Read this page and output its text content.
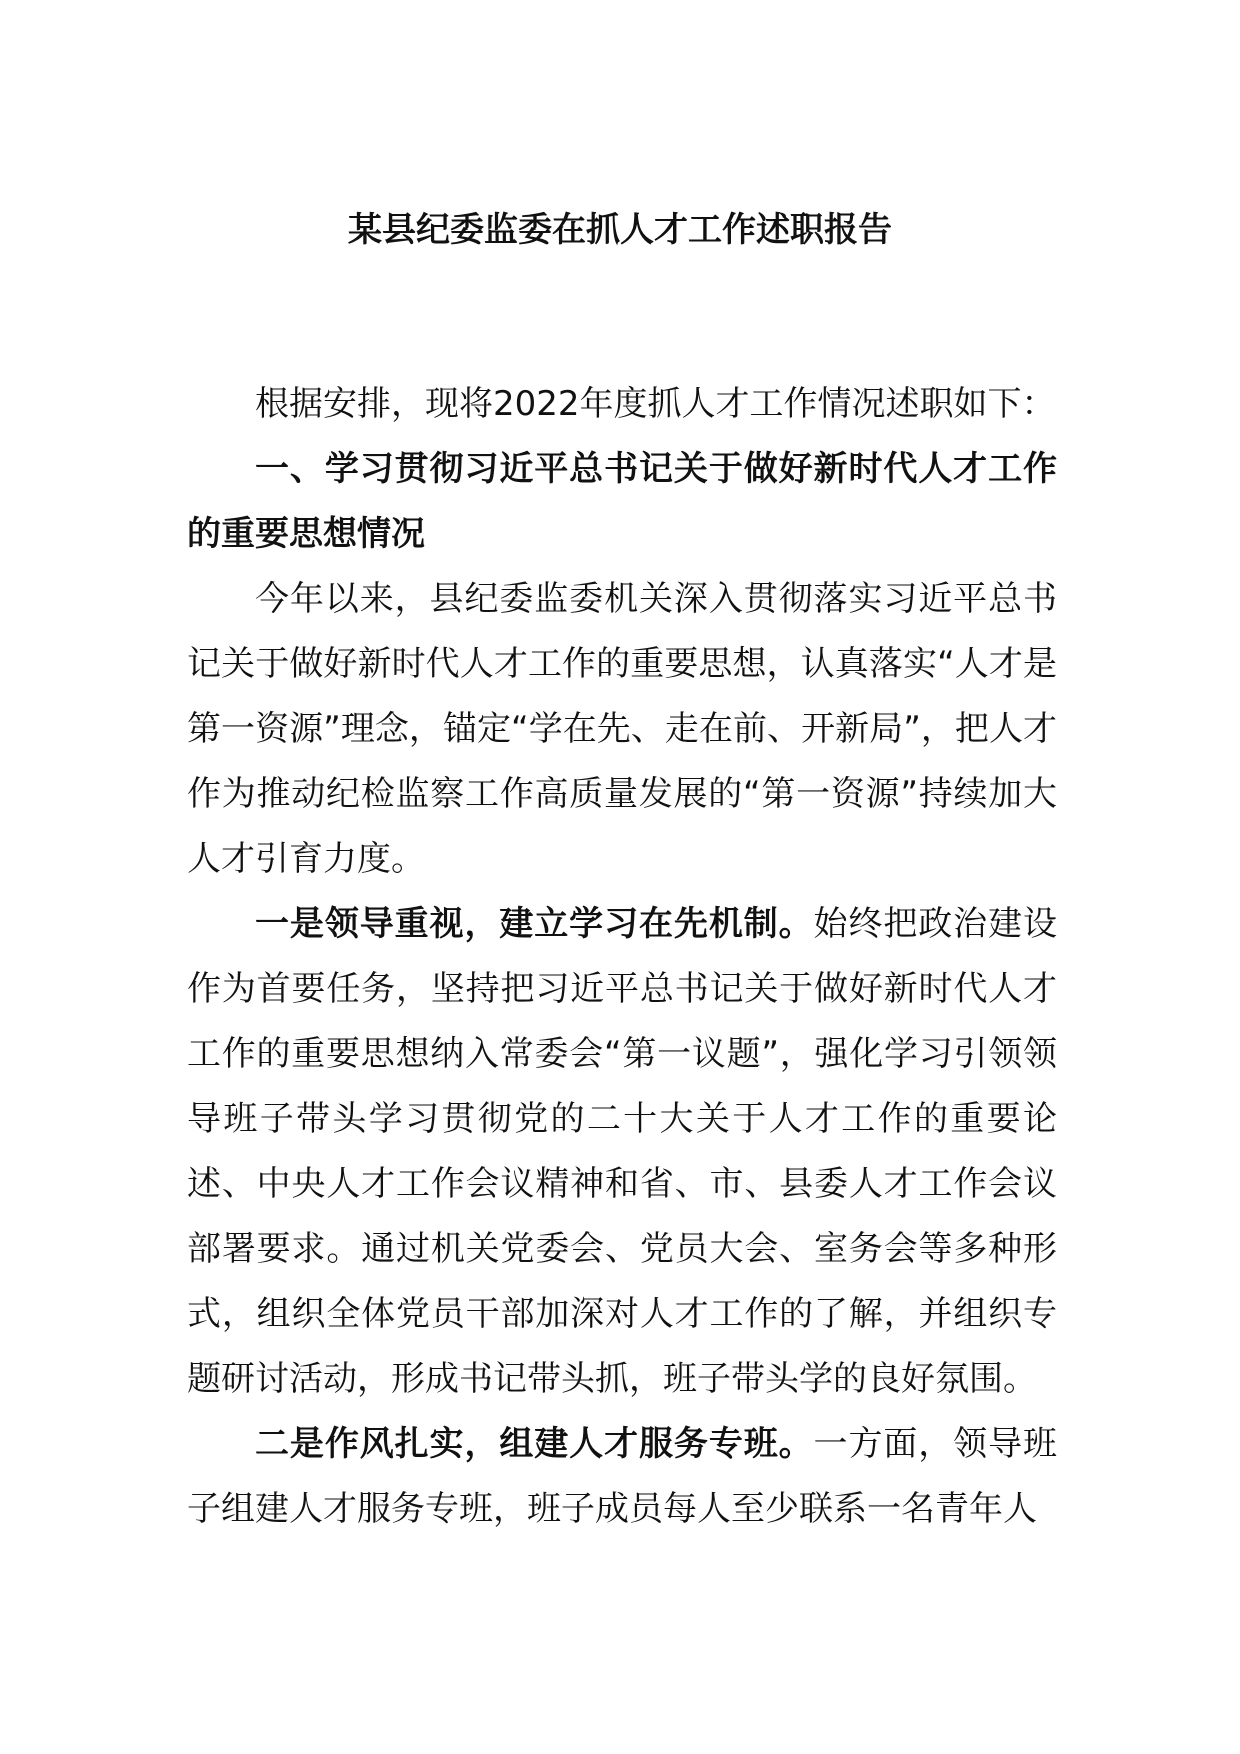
某县纪委监委在抓人才工作述职报告

根据安排，现将2022年度抓人才工作情况述职如下：

一、学习贯彻习近平总书记关于做好新时代人才工作的重要思想情况

今年以来，县纪委监委机关深入贯彻落实习近平总书记关于做好新时代人才工作的重要思想，认真落实“人才是第一资源”理念，锚定“学在先、走在前、开新局”，把人才作为推动纪检监察工作高质量发展的“第一资源”持续加大人才引育力度。

一是领导重视，建立学习在先机制。始终把政治建设作为首要任务，坚持把习近平总书记关于做好新时代人才工作的重要思想纳入常委会“第一议题”，强化学习引领领导班子带头学习贯彻党的二十大关于人才工作的重要论述、中央人才工作会议精神和省、市、县委人才工作会议部署要求。通过机关党委会、党员大会、室务会等多种形式，组织全体党员干部加深对人才工作的了解，并组织专题研讨活动，形成书记带头抓，班子带头学的良好氛围。

二是作风扎实，组建人才服务专班。一方面，领导班子组建人才服务专班，班子成员每人至少联系一名青年人
